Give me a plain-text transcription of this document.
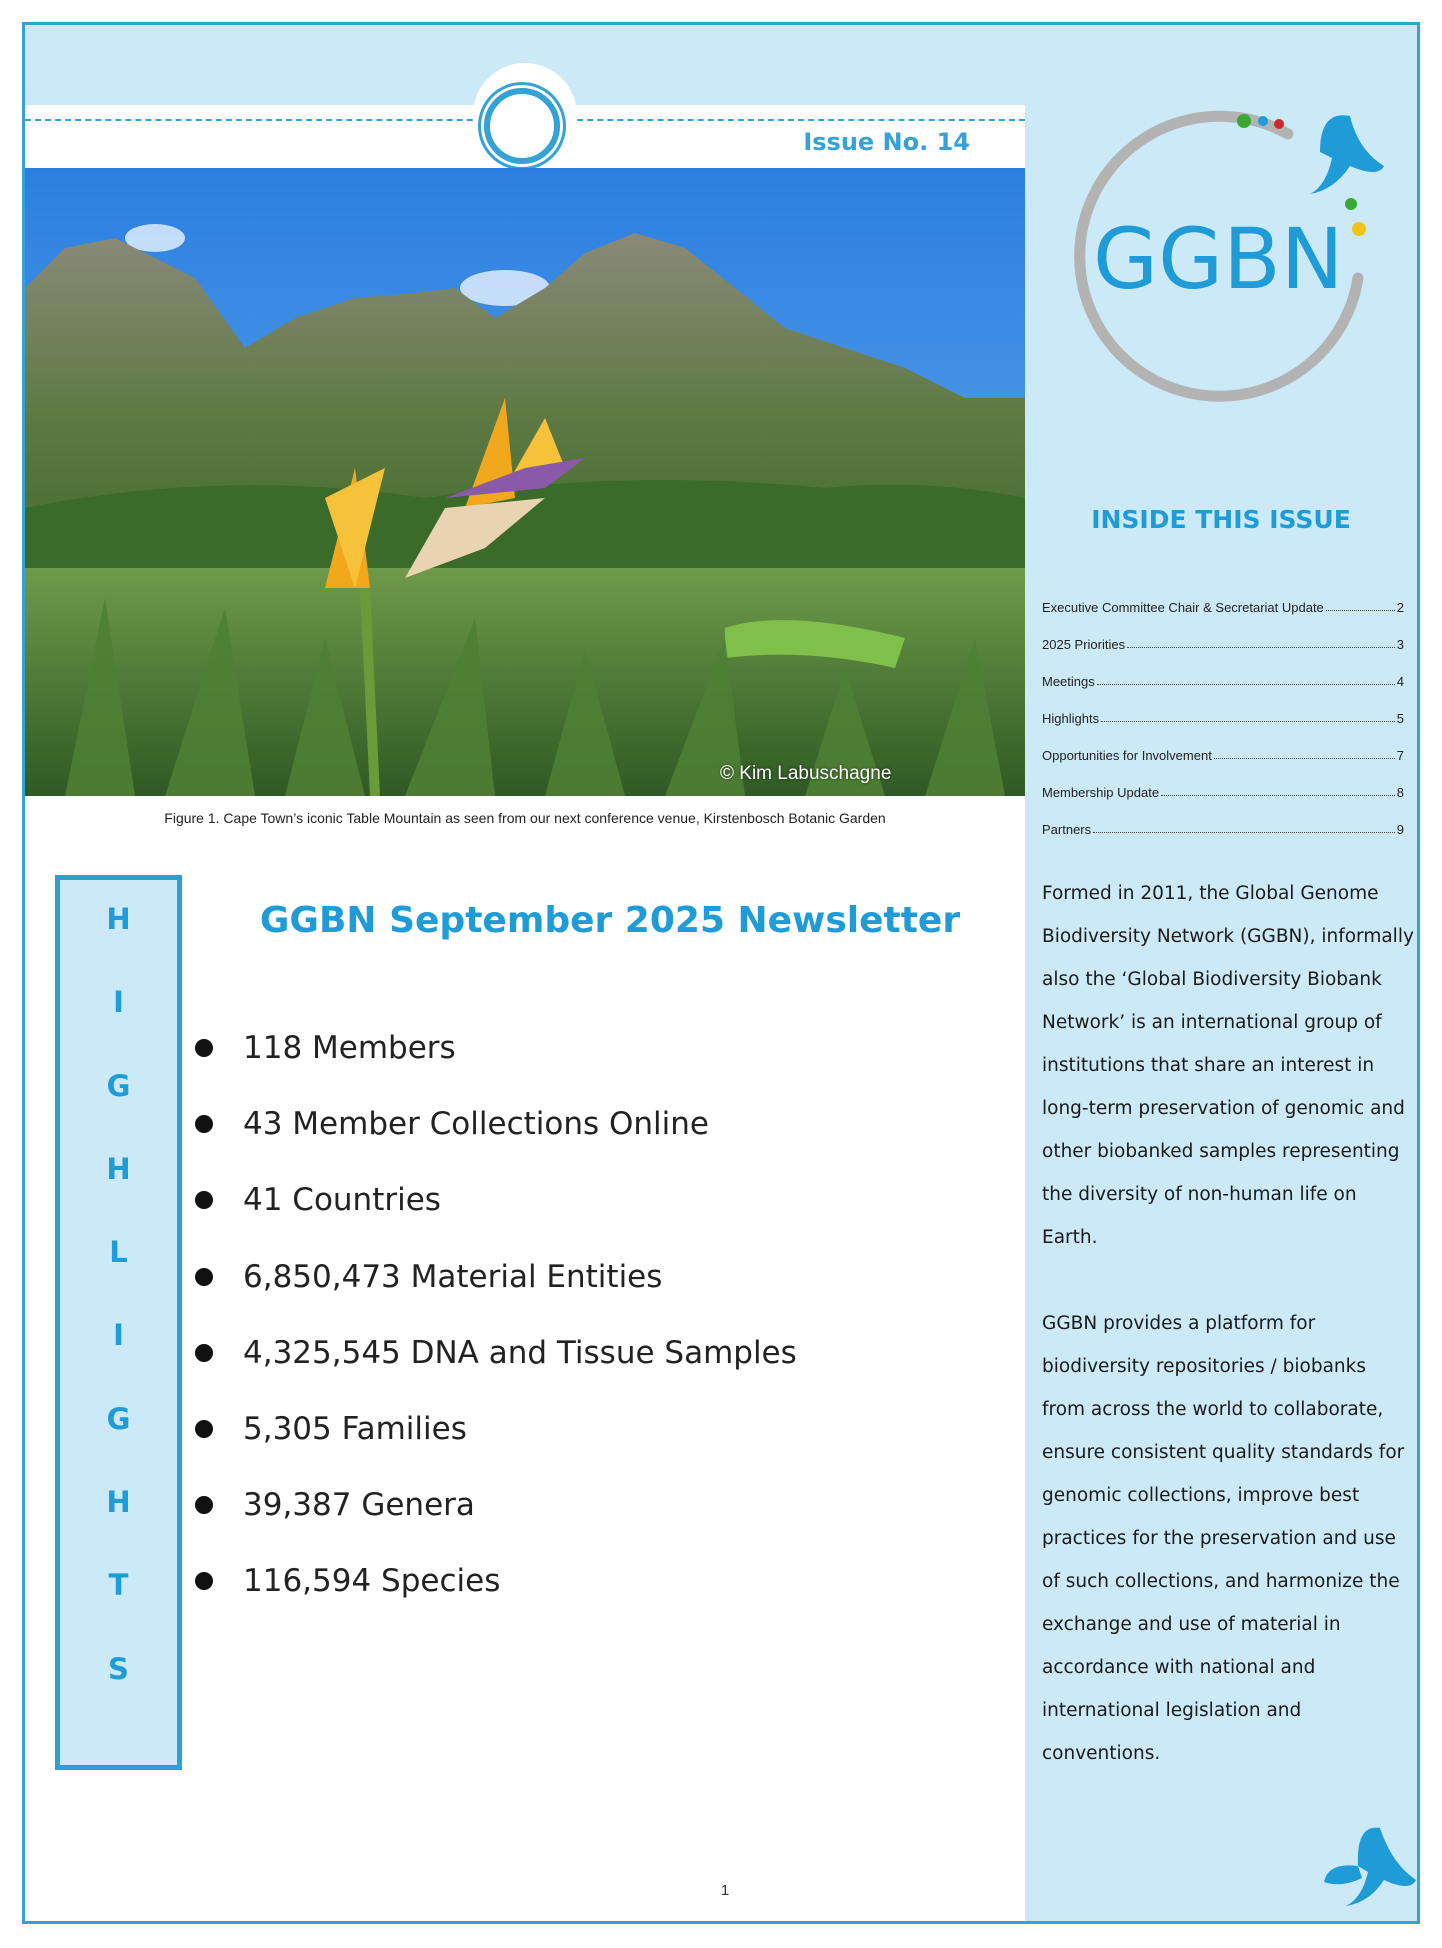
Issue No. 14
© Kim Labuschagne
Figure 1. Cape Town’s iconic Table Mountain as seen from our next conference venue, Kirstenbosch Botanic Garden
GGBN
INSIDE THIS ISSUE
Executive Committee Chair & Secretariat Update	2
2025 Priorities	3
Meetings	4
Highlights	5
Opportunities for Involvement	7
Membership Update	8
Partners	9

Formed in 2011, the Global Genome Biodiversity Network (GGBN), informally also the ‘Global Biodiversity Biobank Network’ is an international group of institutions that share an interest in long-term preservation of genomic and other biobanked samples representing the diversity of non-human life on Earth.

GGBN provides a platform for biodiversity repositories / biobanks from across the world to collaborate, ensure consistent quality standards for genomic collections, improve best practices for the preservation and use of such collections, and harmonize the exchange and use of material in accordance with national and international legislation and conventions.

H
I
G
H
L
I
G
H
T
S
GGBN September 2025 Newsletter
118 Members
43 Member Collections Online
41 Countries
6,850,473 Material Entities
4,325,545 DNA and Tissue Samples
5,305 Families
39,387 Genera
116,594 Species
1
